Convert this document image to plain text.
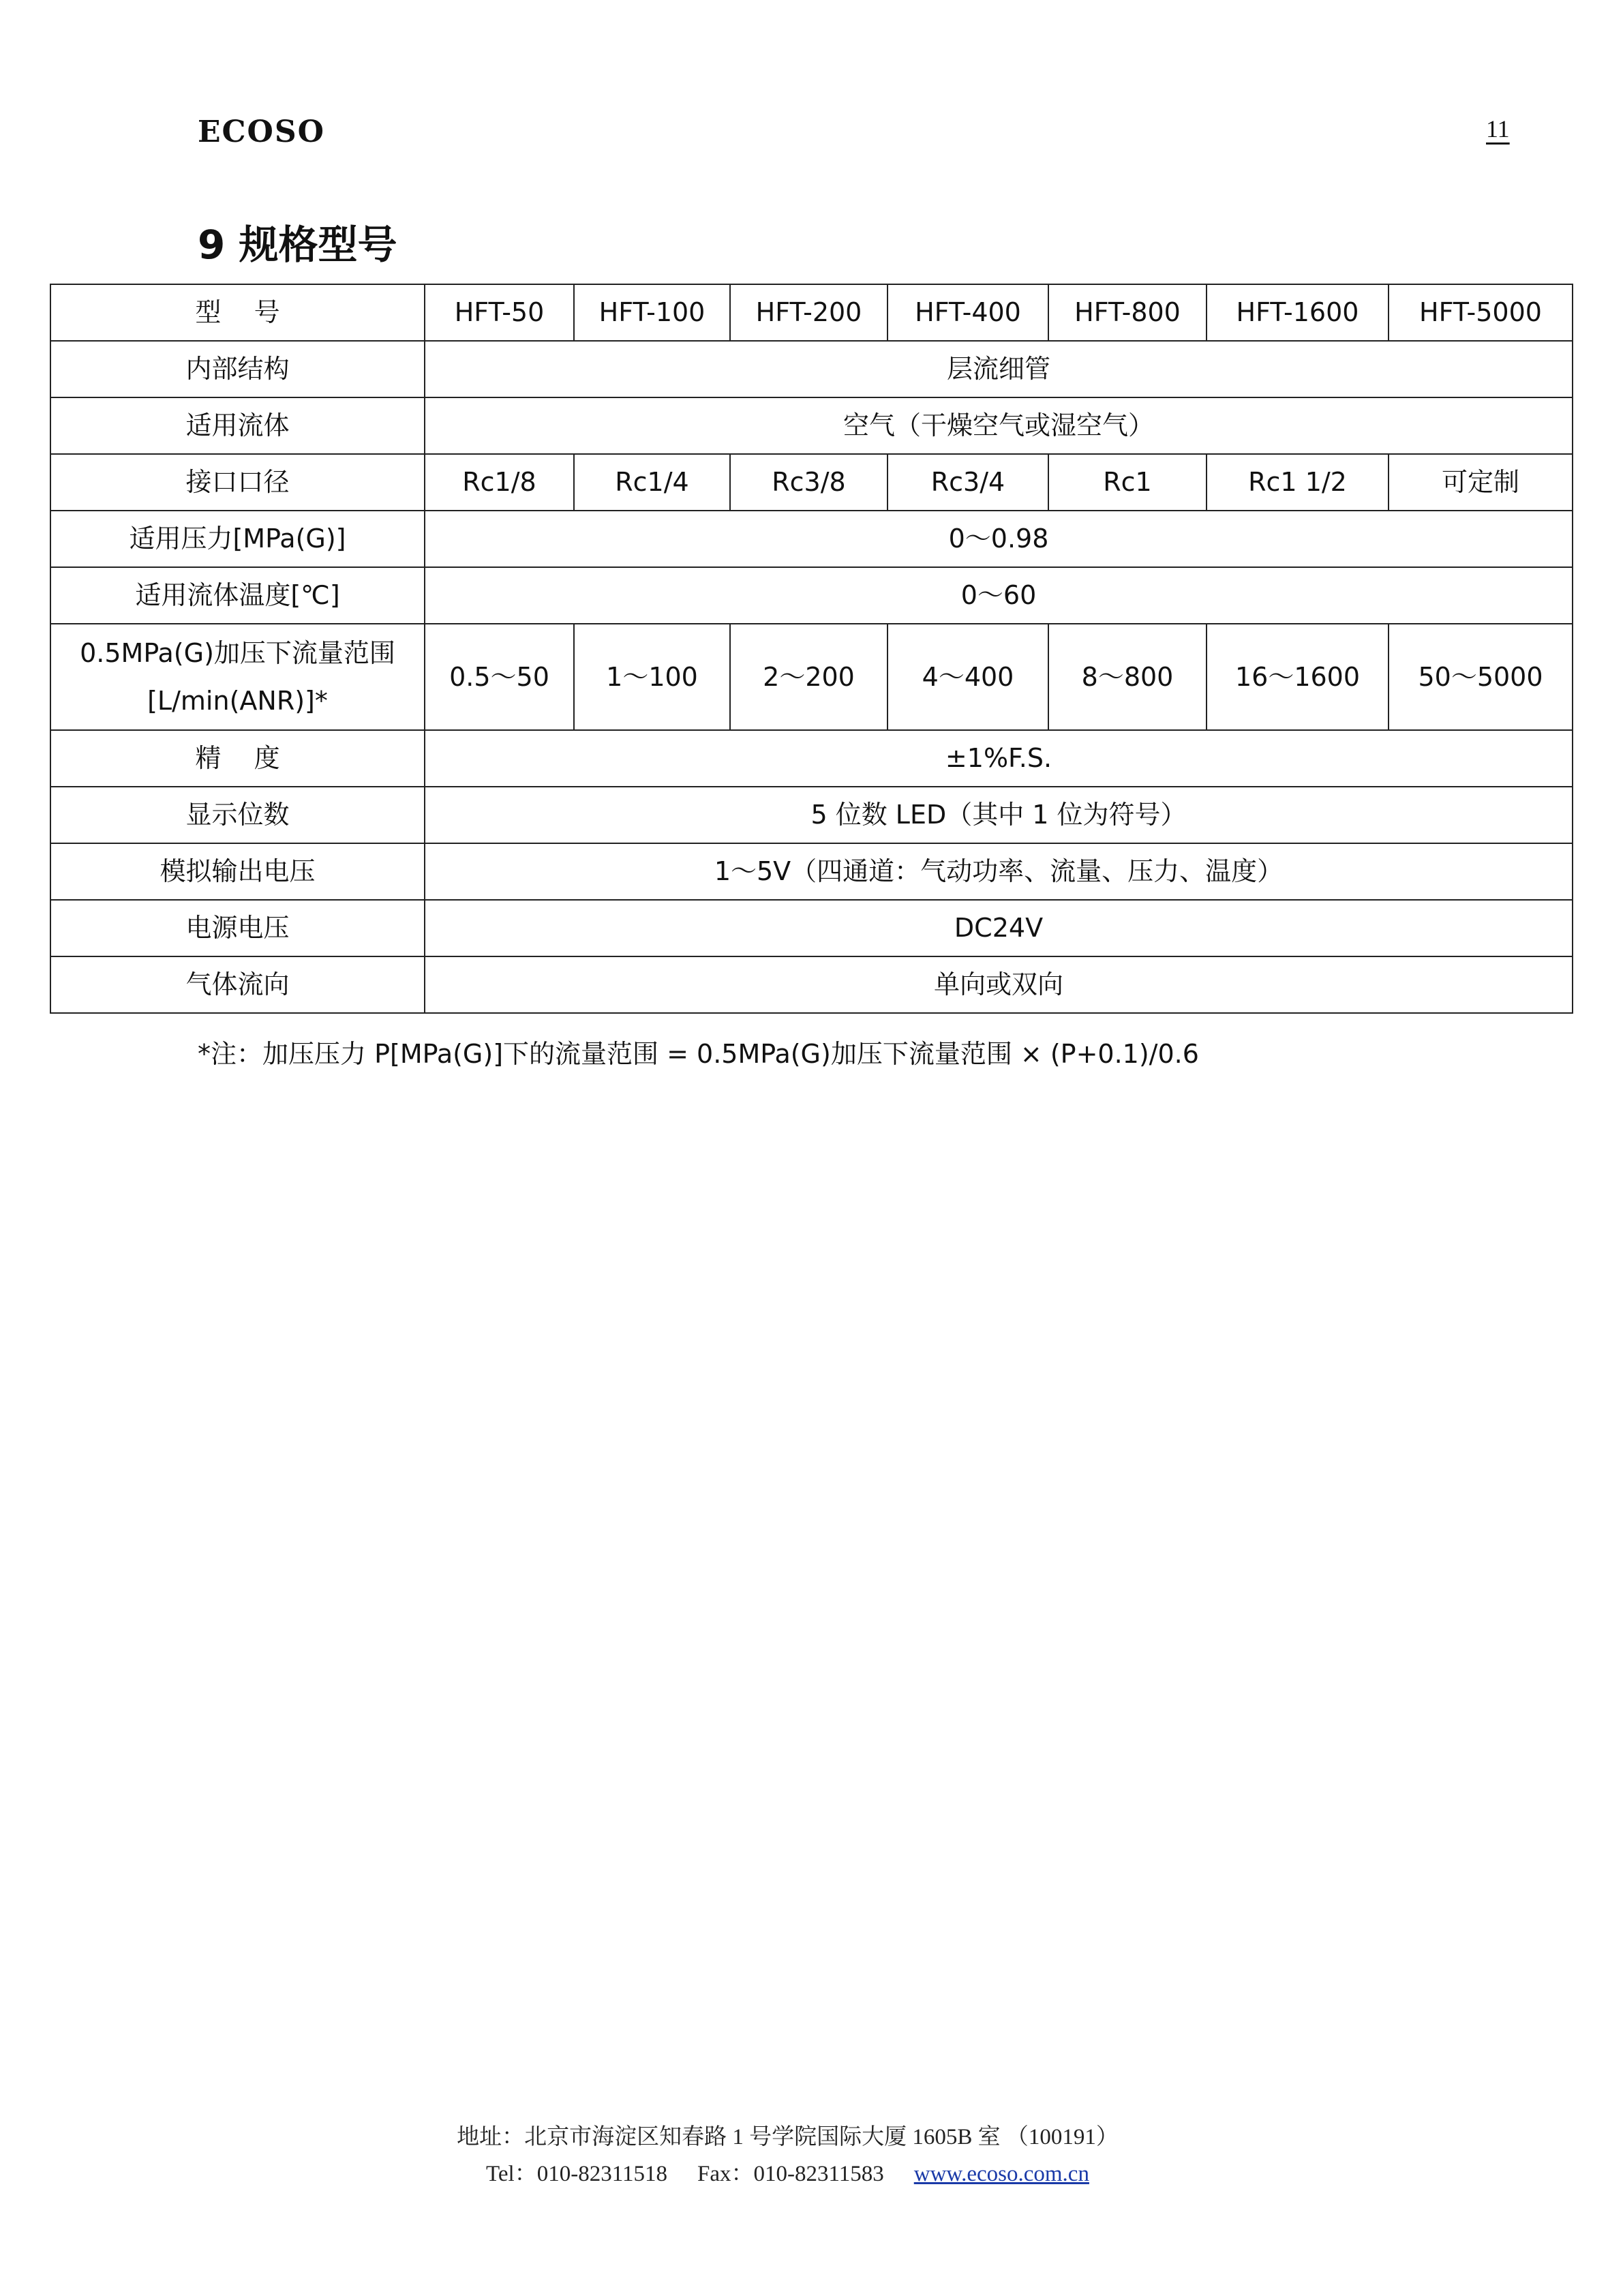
ECOSO	11
9 规格型号
型    号	HFT-50	HFT-100	HFT-200	HFT-400	HFT-800	HFT-1600	HFT-5000
内部结构	层流细管						
适用流体	空气（干燥空气或湿空气）						
接口口径	Rc1/8	Rc1/4	Rc3/8	Rc3/4	Rc1	Rc1 1/2	可定制
适用压力[MPa(G)]	0～0.98						
适用流体温度[℃]	0～60						

0.5MPa(G)加压下流量范围
[L/min(ANR)]*	0.5～50	1～100	2～200	4～400	8～800	16～1600	50～5000
精    度	±1%F.S.						
显示位数	5 位数 LED（其中 1 位为符号）						
模拟输出电压	1～5V（四通道：气动功率、流量、压力、温度）						
电源电压	DC24V						
气体流向	单向或双向						
*注：加压压力 P[MPa(G)]下的流量范围 = 0.5MPa(G)加压下流量范围 × (P+0.1)/0.6
地址：北京市海淀区知春路 1 号学院国际大厦 1605B 室 （100191）
Tel：010-82311518 Fax：010-82311583 www.ecoso.com.cn
